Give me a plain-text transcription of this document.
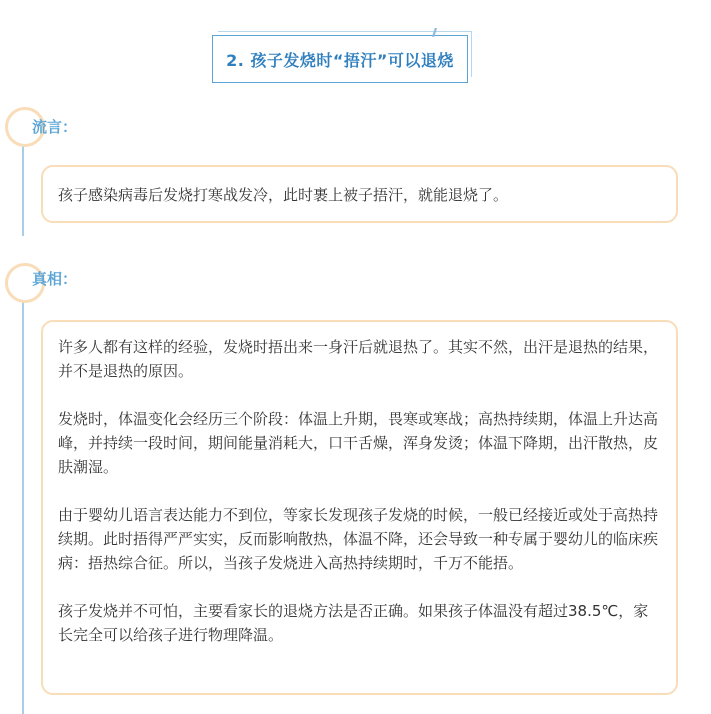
2. 孩子发烧时“捂汗”可以退烧
///
流言：

孩子感染病毒后发烧打寒战发冷，此时裹上被子捂汗，就能退烧了。

真相：

许多人都有这样的经验，发烧时捂出来一身汗后就退热了。其实不然，出汗是退热的结果，并不是退热的原因。

发烧时，体温变化会经历三个阶段：体温上升期，畏寒或寒战；高热持续期，体温上升达高峰，并持续一段时间，期间能量消耗大，口干舌燥，浑身发烫；体温下降期，出汗散热，皮肤潮湿。

由于婴幼儿语言表达能力不到位，等家长发现孩子发烧的时候，一般已经接近或处于高热持续期。此时捂得严严实实，反而影响散热，体温不降，还会导致一种专属于婴幼儿的临床疾病：捂热综合征。所以，当孩子发烧进入高热持续期时，千万不能捂。

孩子发烧并不可怕，主要看家长的退烧方法是否正确。如果孩子体温没有超过38.5℃，家长完全可以给孩子进行物理降温。
